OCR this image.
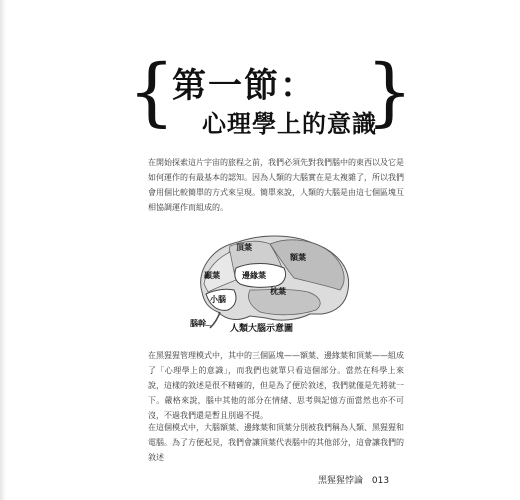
{
第一節：
心理學上的意識
}
在開始探索這片宇宙的旅程之前，我們必須先對我們腦中的東西以及它是如何運作的有最基本的認知。因為人類的大腦實在是太複雜了，所以我們會用個比較簡單的方式來呈現。簡單來說，人類的大腦是由這七個區塊互相協調運作而組成的。
頂葉
額葉
顳葉	邊緣葉
枕葉
小腦
腦幹
人類大腦示意圖
在黑猩猩管理模式中，其中的三個區塊——額葉、邊緣葉和頂葉——組成了「心理學上的意識」，而我們也就單只看這個部分。當然在科學上來說，這樣的敘述是很不精確的，但是為了便於敘述，我們就僅是先將就一下。嚴格來說，腦中其他的部分在情緒、思考與記憶方面當然也亦不可沒，不過我們還是暫且別過不提。
在這個模式中，大腦額葉、邊緣葉和頂葉分別被我們稱為人類、黑猩猩和電腦。為了方便起見，我們會讓頂葉代表腦中的其他部分，這會讓我們的敘述
黑猩猩悖論 013
